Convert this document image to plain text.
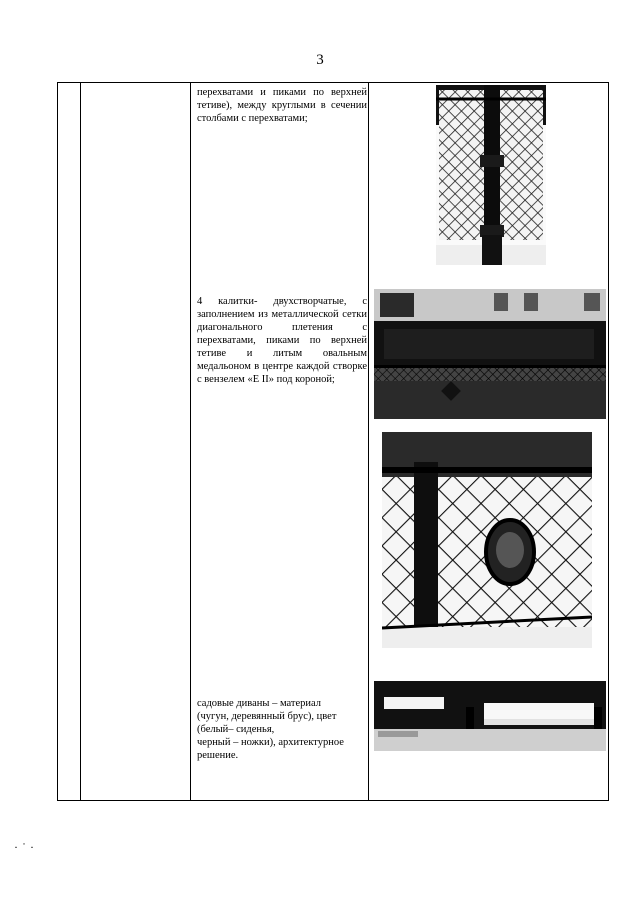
3
перехватами и пиками по верхней тетиве), между круглыми в сечении столбами с перехватами;
4 калитки- двухстворчатые, с заполнением из металлической сетки диагонального плетения с перехватами, пиками по верхней тетиве и литым овальным медальоном в центре каждой створке с вензелем «Е II» под короной;
садовые диваны – материал
(чугун, деревянный брус), цвет
(белый– сиденья,
черный – ножки), архитектурное
решение.
·˙·
